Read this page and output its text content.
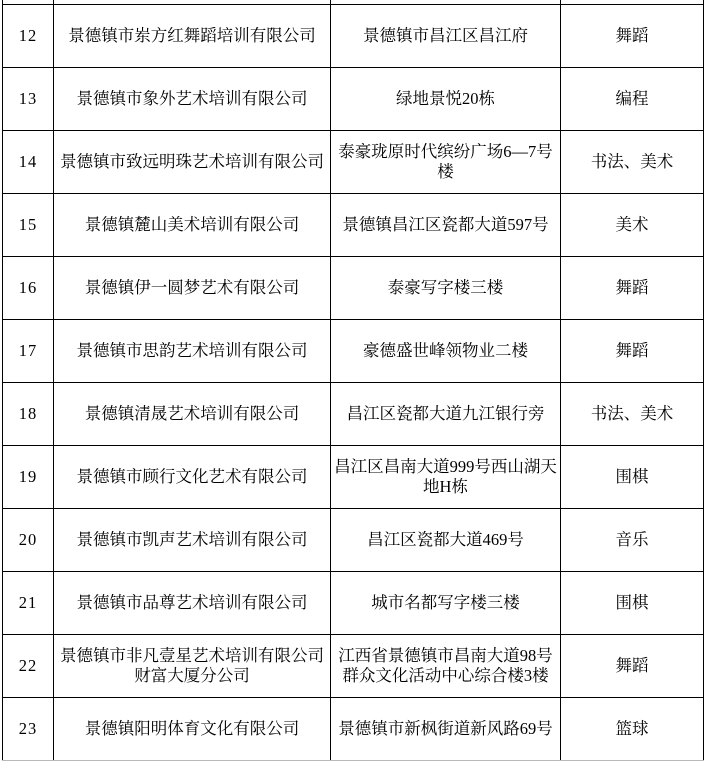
12	景德镇市岽方红舞蹈培训有限公司	景德镇市昌江区昌江府	舞蹈
13	景德镇市象外艺术培训有限公司	绿地景悦20栋	编程
14	景德镇市致远明珠艺术培训有限公司	泰豪珑原时代缤纷广场6—7号楼	书法、美术
15	景德镇麓山美术培训有限公司	景德镇昌江区瓷都大道597号	美术
16	景德镇伊一圆梦艺术有限公司	泰豪写字楼三楼	舞蹈
17	景德镇市思韵艺术培训有限公司	豪德盛世峰领物业二楼	舞蹈
18	景德镇清晟艺术培训有限公司	昌江区瓷都大道九江银行旁	书法、美术
19	景德镇市顾行文化艺术有限公司	昌江区昌南大道999号西山湖天地H栋	围棋
20	景德镇市凯声艺术培训有限公司	昌江区瓷都大道469号	音乐
21	景德镇市品尊艺术培训有限公司	城市名都写字楼三楼	围棋
22	景德镇市非凡壹星艺术培训有限公司财富大厦分公司	江西省景德镇市昌南大道98号群众文化活动中心综合楼3楼	舞蹈
23	景德镇阳明体育文化有限公司	景德镇市新枫街道新风路69号	篮球
